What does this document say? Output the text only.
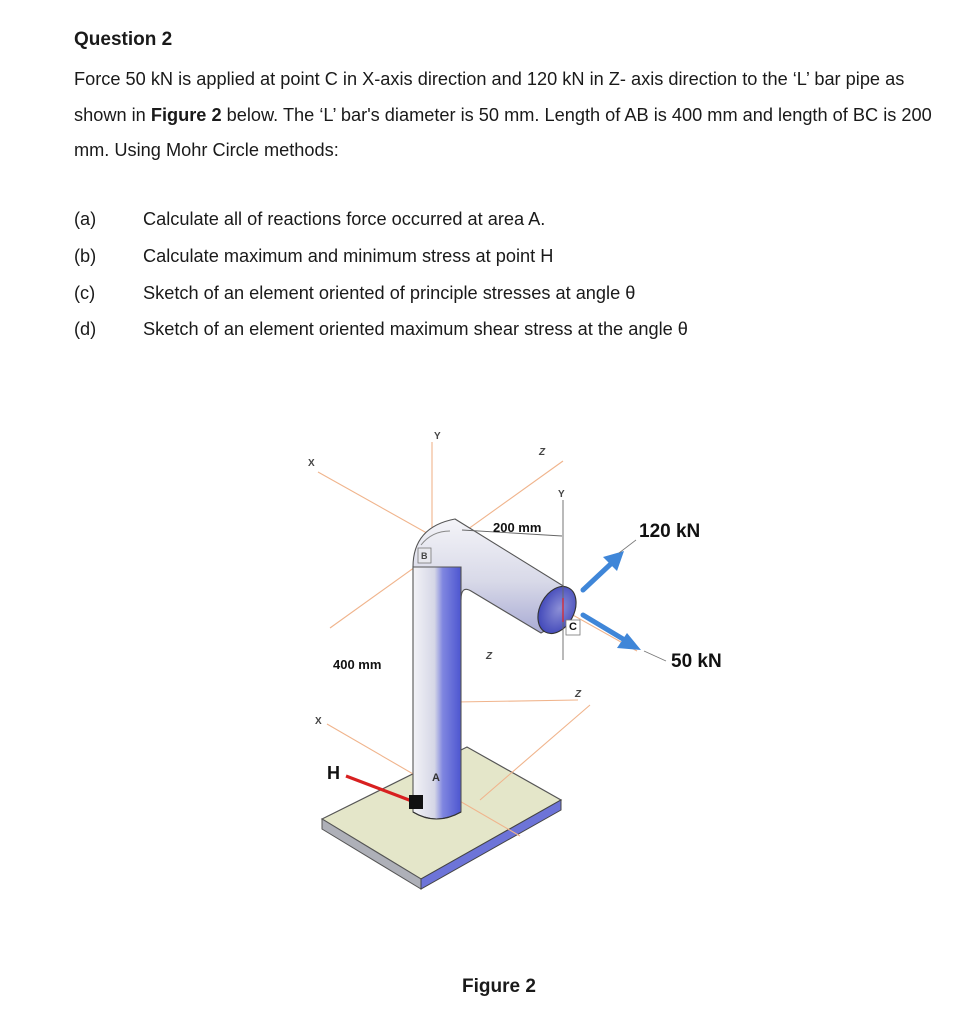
Question 2
Force 50 kN is applied at point C in X-axis direction and 120 kN in Z- axis direction to the ‘L’ bar pipe as shown in Figure 2 below. The ‘L’ bar's diameter is 50 mm. Length of AB is 400 mm and length of BC is 200 mm. Using Mohr Circle methods:
(a)	Calculate all of reactions force occurred at area A.
(b)	Calculate maximum and minimum stress at point H
(c)	Sketch of an element oriented of principle stresses at angle θ
(d)	Sketch of an element oriented maximum shear stress at the angle θ
200 mm
400 mm
120 kN
50 kN
B
C
A
H
X
Y
Z
Y
Z
Z
X
Figure 2
